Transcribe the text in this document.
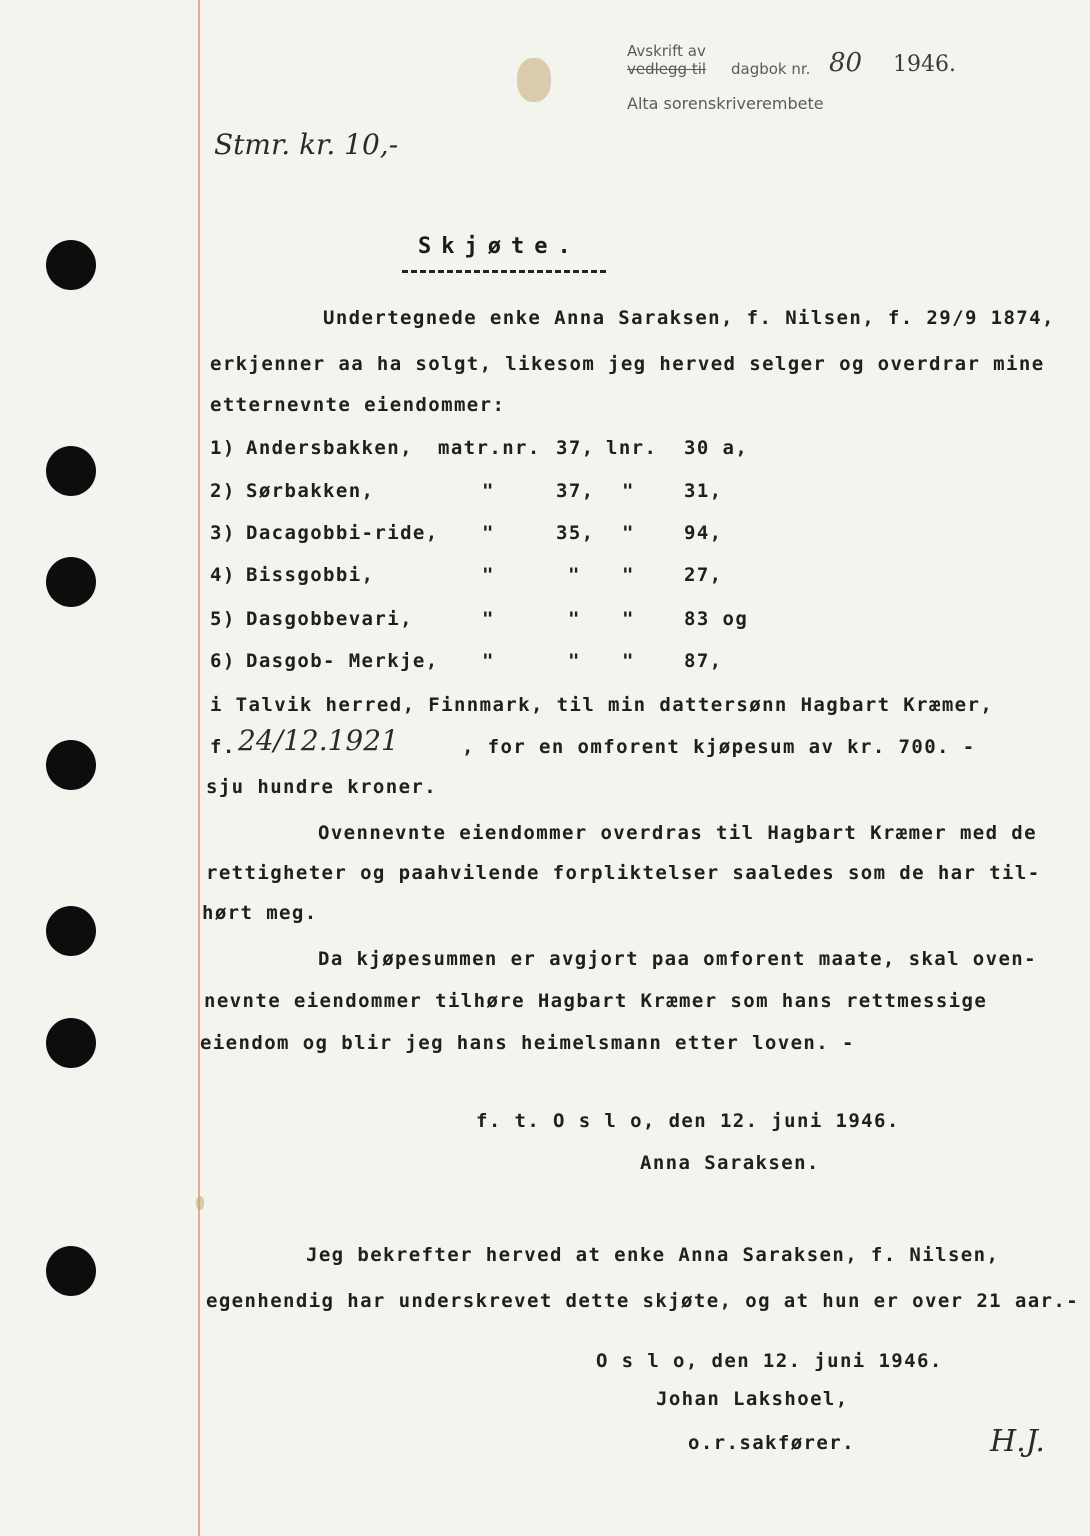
Avskrift av
vedlegg til dagbok nr. 80 1946.
Alta sorenskriverembete
Stmr. kr. 10,-
Skjøte.
Undertegnede enke Anna Saraksen, f. Nilsen, f. 29/9 1874,
erkjenner aa ha solgt, likesom jeg herved selger og overdrar mine
etternevnte eiendommer:
1) Andersbakken, matr.nr. 37, lnr. 30 a,
2) Sørbakken,	"	37, "	31,
3) Dacagobbi-ride, "	35, "	94,
4) Bissgobbi,	"	" "	27,
5) Dasgobbevari,	"	" "	83 og
6) Dasgob- Merkje, "	" "	87,
i Talvik herred, Finnmark, til min dattersønn Hagbart Kræmer,
f. 24/12.1921	, for en omforent kjøpesum av kr. 700. -
sju hundre kroner.
Ovennevnte eiendommer overdras til Hagbart Kræmer med de
rettigheter og paahvilende forpliktelser saaledes som de har til-
hørt meg.
Da kjøpesummen er avgjort paa omforent maate, skal oven-
nevnte eiendommer tilhøre Hagbart Kræmer som hans rettmessige
eiendom og blir jeg hans heimelsmann etter loven. -
f. t. O s l o, den 12. juni 1946.
Anna Saraksen.
Jeg bekrefter herved at enke Anna Saraksen, f. Nilsen,
egenhendig har underskrevet dette skjøte, og at hun er over 21 aar.-
O s l o, den 12. juni 1946.
Johan Lakshoel,
o.r.sakfører.	H.J.
